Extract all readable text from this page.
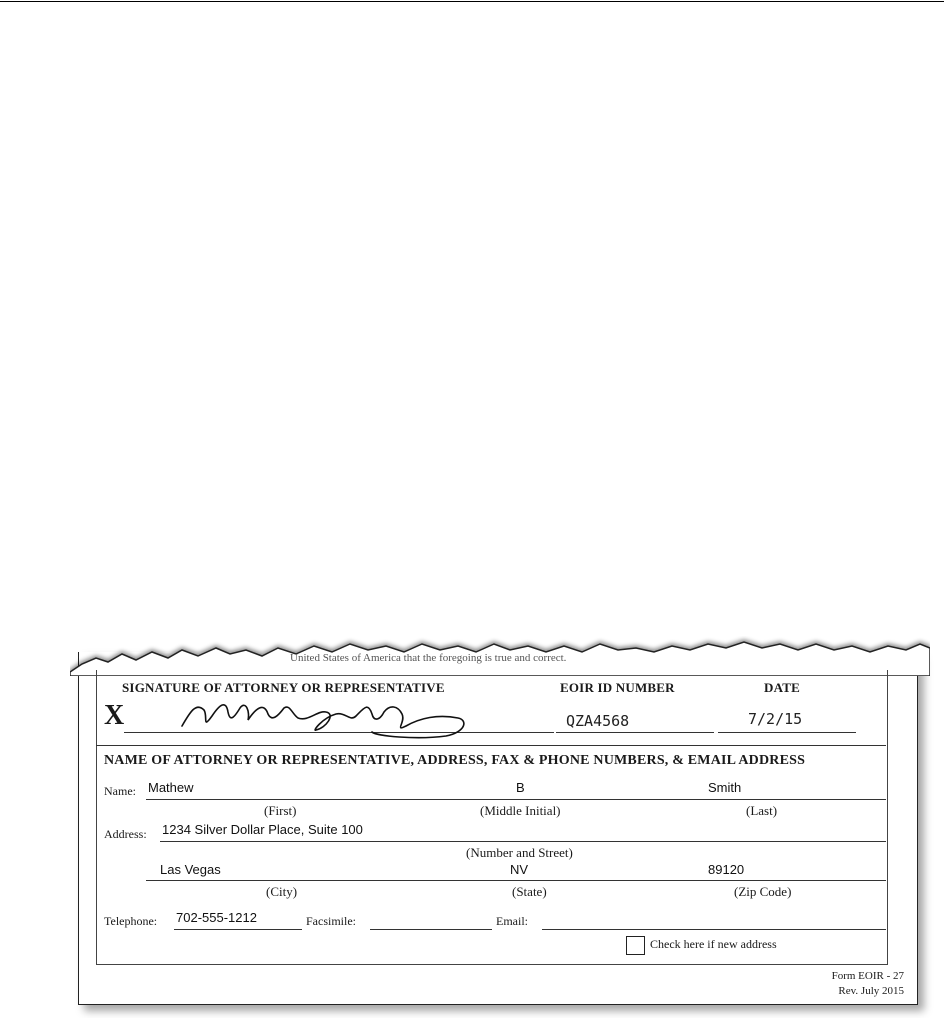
United States of America that the foregoing is true and correct.
SIGNATURE OF ATTORNEY OR REPRESENTATIVE	EOIR ID NUMBER	DATE
X	QZA4568	7/2/15
NAME OF ATTORNEY OR REPRESENTATIVE, ADDRESS, FAX & PHONE NUMBERS, & EMAIL ADDRESS
Name: Mathew	B	Smith
(First)	(Middle Initial)	(Last)
Address: 1234 Silver Dollar Place, Suite 100
(Number and Street)
Las Vegas	NV	89120
(City)	(State)	(Zip Code)
Telephone: 702-555-1212	Facsimile:	Email:
Check here if new address
Form EOIR - 27
Rev. July 2015
